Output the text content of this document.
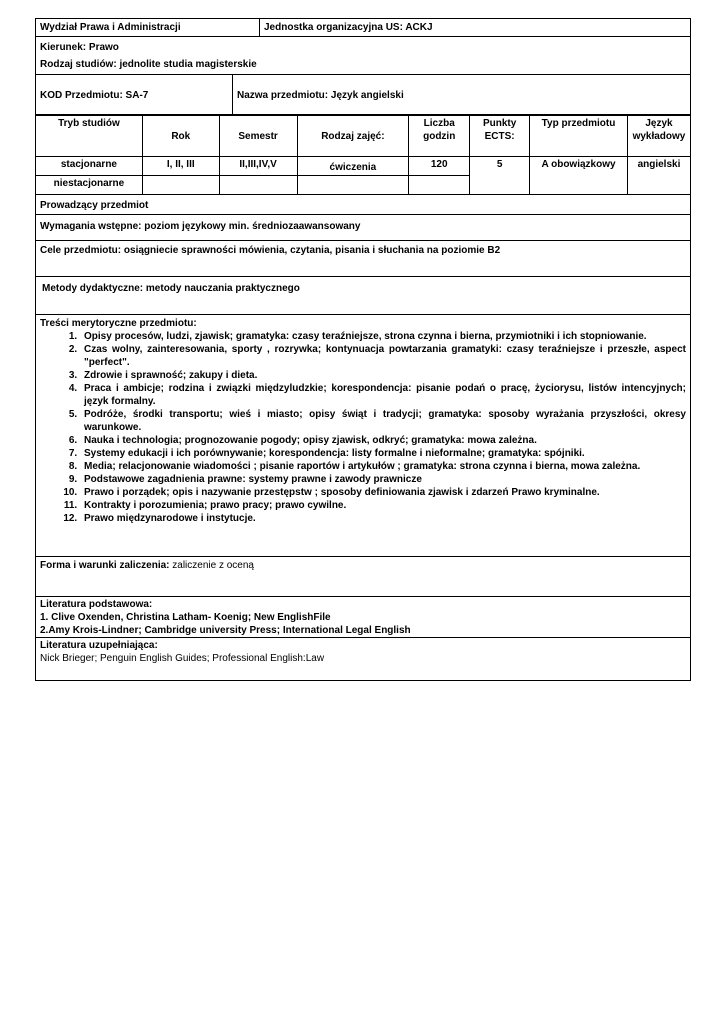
Wydział Prawa i Administracji	Jednostka organizacyjna US: ACKJ
Kierunek: Prawo
Rodzaj studiów: jednolite studia magisterskie
KOD Przedmiotu: SA-7	Nazwa przedmiotu: Język angielski
Tryb studiów	Rok	Semestr	Rodzaj zajęć:	Liczba godzin	Punkty ECTS:	Typ przedmiotu	Język wykładowy
stacjonarne	I, II, III	II,III,IV,V	ćwiczenia	120	5	A obowiązkowy	angielski
niestacjonarne							
Prowadzący przedmiot
Wymagania wstępne: poziom językowy min. średniozaawansowany
Cele przedmiotu: osiągniecie sprawności mówienia, czytania, pisania i słuchania na poziomie B2
Metody dydaktyczne: metody nauczania praktycznego
Treści merytoryczne przedmiotu:
1. Opisy procesów, ludzi, zjawisk; gramatyka: czasy teraźniejsze, strona czynna i bierna, przymiotniki i ich stopniowanie.
2. Czas wolny, zainteresowania, sporty , rozrywka; kontynuacja powtarzania gramatyki: czasy teraźniejsze i przeszłe, aspect "perfect".
3. Zdrowie i sprawność; zakupy i dieta.
4. Praca i ambicje; rodzina i związki międzyludzkie; korespondencja: pisanie podań o pracę, życiorysu, listów intencyjnych; język formalny.
5. Podróże, środki transportu; wieś i miasto; opisy świąt i tradycji; gramatyka: sposoby wyrażania przyszłości, okresy warunkowe.
6. Nauka i technologia; prognozowanie pogody; opisy zjawisk, odkryć; gramatyka: mowa zależna.
7. Systemy edukacji i ich porównywanie; korespondencja: listy formalne i nieformalne; gramatyka: spójniki.
8. Media; relacjonowanie wiadomości ; pisanie raportów i artykułów ; gramatyka: strona czynna i bierna, mowa zależna.
9. Podstawowe zagadnienia prawne: systemy prawne i zawody prawnicze
10. Prawo i porządek; opis i nazywanie przestępstw ; sposoby definiowania zjawisk i zdarzeń Prawo kryminalne.
11. Kontrakty i porozumienia; prawo pracy; prawo cywilne.
12. Prawo międzynarodowe i instytucje.
Forma i warunki zaliczenia: zaliczenie z oceną
Literatura podstawowa:
1. Clive Oxenden, Christina Latham- Koenig; New EnglishFile
2.Amy Krois-Lindner; Cambridge university Press; International Legal English
Literatura uzupełniająca:
Nick Brieger; Penguin English Guides; Professional English:Law
